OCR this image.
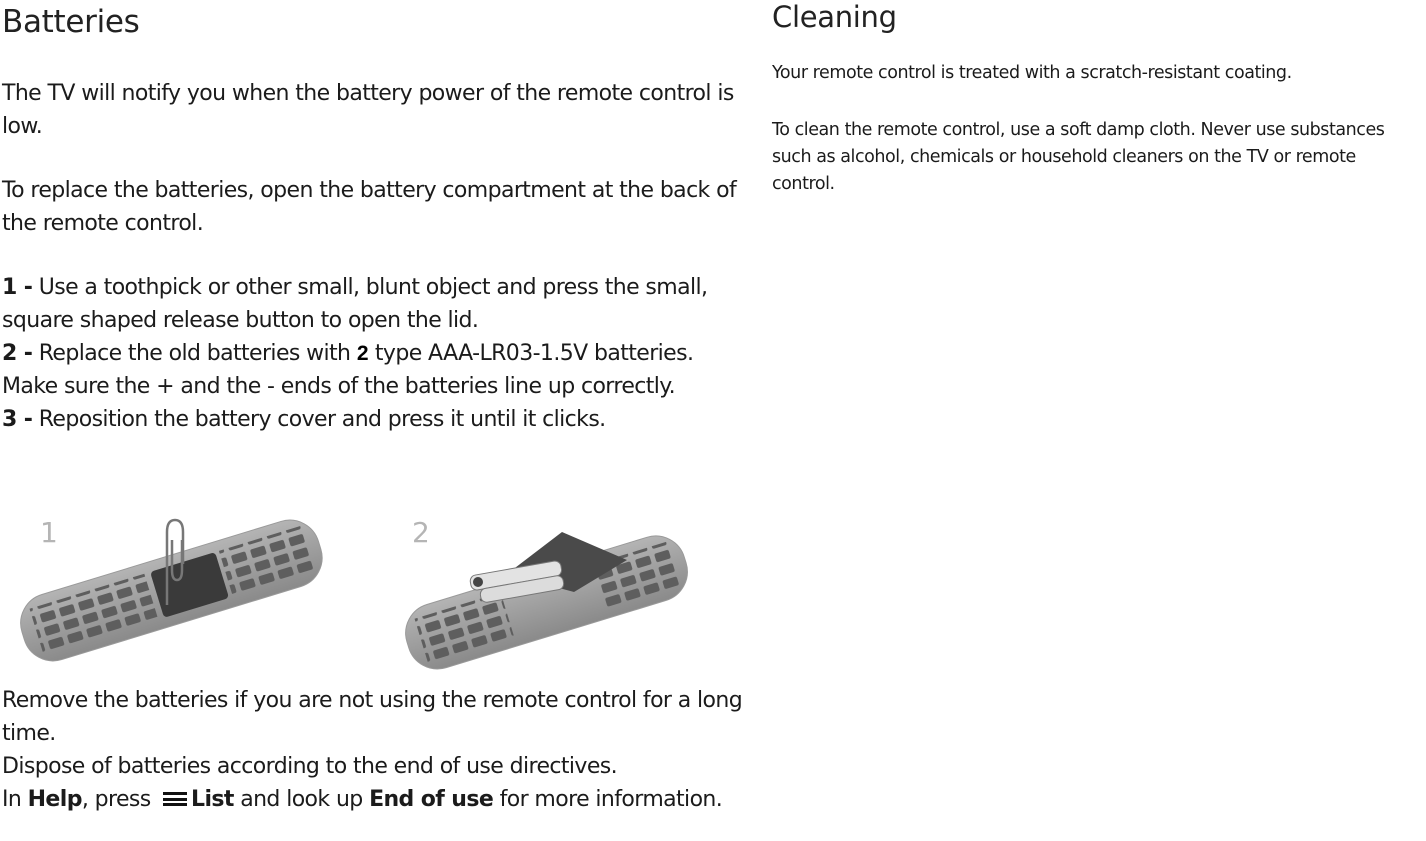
Batteries

The TV will notify you when the battery power of the remote control is low.

To replace the batteries, open the battery compartment at the back of the remote control.

1 - Use a toothpick or other small, blunt object and press the small, square shaped release button to open the lid.
2 - Replace the old batteries with 2 type AAA-LR03-1.5V batteries. Make sure the + and the - ends of the batteries line up correctly.
3 - Reposition the battery cover and press it until it clicks.

1	2

Remove the batteries if you are not using the remote control for a long time.
Dispose of batteries according to the end of use directives.
In Help, press
List and look up End of use for more information.

Cleaning

Your remote control is treated with a scratch-resistant coating.

To clean the remote control, use a soft damp cloth. Never use substances such as alcohol, chemicals or household cleaners on the TV or remote control.
